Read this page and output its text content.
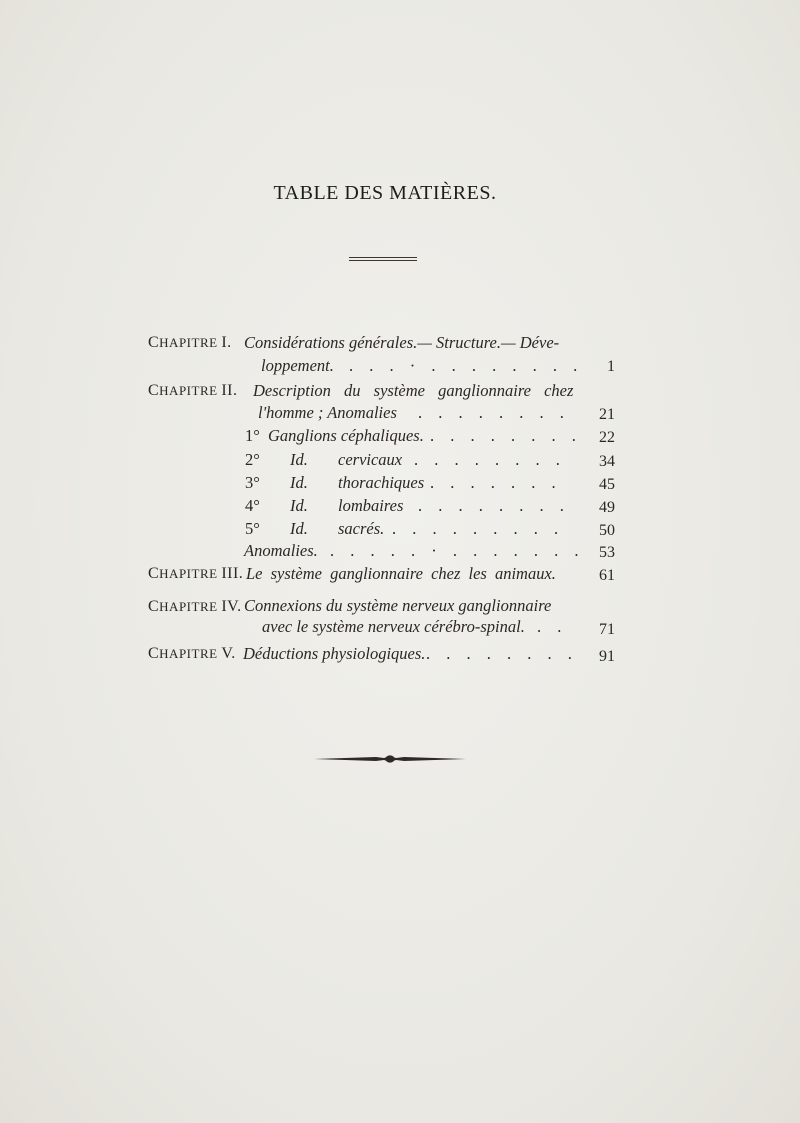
TABLE DES MATIÈRES.
CHAPITRE I. Considérations générales.— Structure.— Déve-
loppement. . . . · . . . . . . . .	1
CHAPITRE II. Description du système ganglionnaire chez
l'homme ; Anomalies . . . . . . . .	21
1° Ganglions céphaliques. . . . . . . . .	22
2° Id. cervicaux . . . . . . . .	34
3° Id. thorachiques . . . . . . .	45
4° Id. lombaires . . . . . . . .	49
5° Id. sacrés. . . . . . . . . .	50
Anomalies. . . . . . · . . . . . . . 53
CHAPITRE III. Le système ganglionnaire chez les animaux.	61
CHAPITRE IV. Connexions du système nerveux ganglionnaire
avec le système nerveux cérébro-spinal. . .	71
CHAPITRE V. Déductions physiologiques. . . . . . . . .	91
